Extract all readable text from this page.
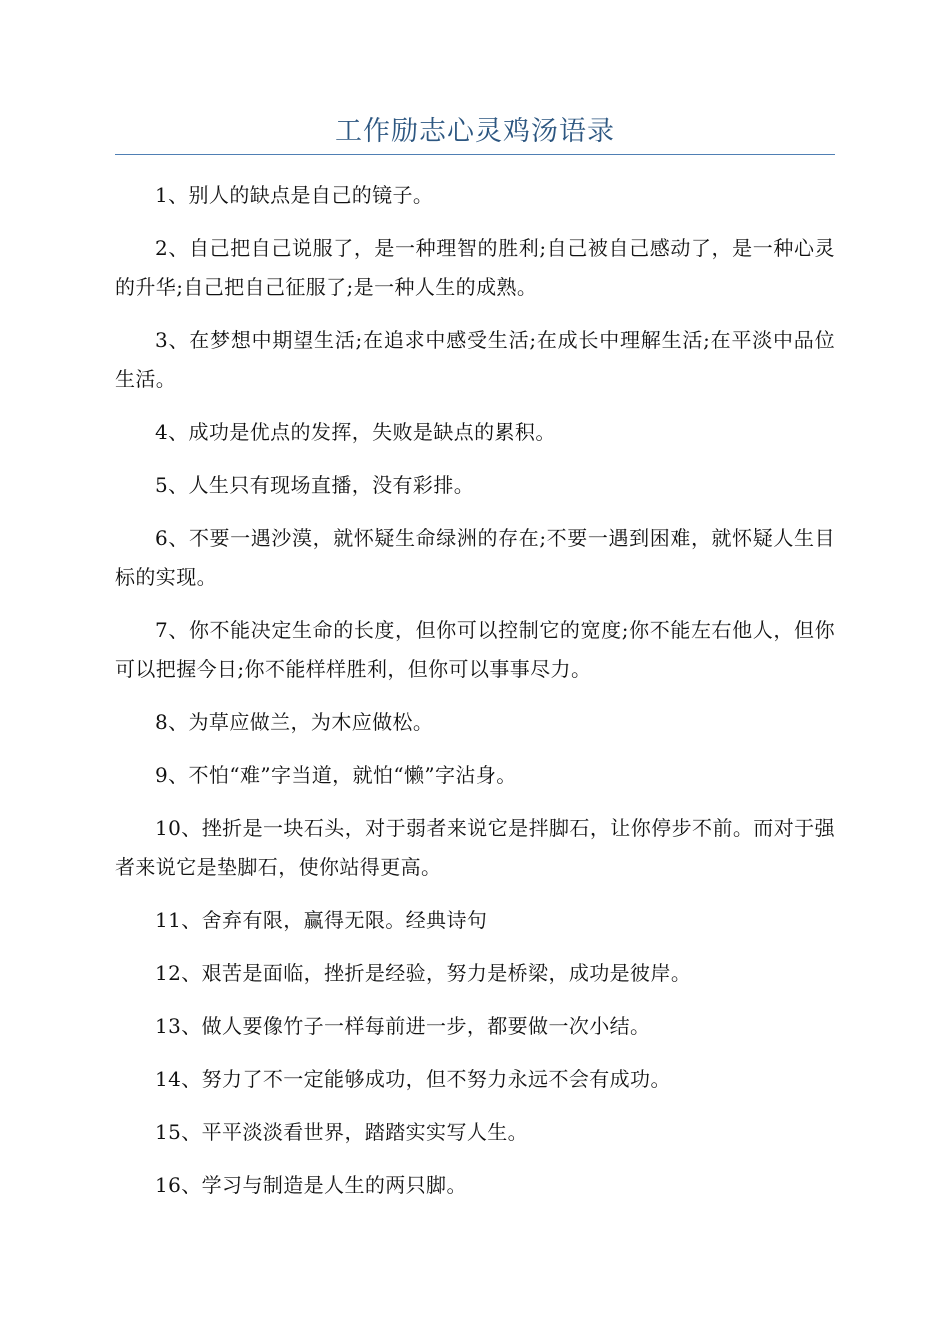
工作励志心灵鸡汤语录

1、别人的缺点是自己的镜子。

2、自己把自己说服了，是一种理智的胜利;自己被自己感动了，是一种心灵的升华;自己把自己征服了;是一种人生的成熟。

3、在梦想中期望生活;在追求中感受生活;在成长中理解生活;在平淡中品位生活。

4、成功是优点的发挥，失败是缺点的累积。

5、人生只有现场直播，没有彩排。

6、不要一遇沙漠，就怀疑生命绿洲的存在;不要一遇到困难，就怀疑人生目标的实现。

7、你不能决定生命的长度，但你可以控制它的宽度;你不能左右他人，但你可以把握今日;你不能样样胜利，但你可以事事尽力。

8、为草应做兰，为木应做松。

9、不怕“难”字当道，就怕“懒”字沾身。

10、挫折是一块石头，对于弱者来说它是拌脚石，让你停步不前。而对于强者来说它是垫脚石，使你站得更高。

11、舍弃有限，赢得无限。经典诗句

12、艰苦是面临，挫折是经验，努力是桥梁，成功是彼岸。

13、做人要像竹子一样每前进一步，都要做一次小结。

14、努力了不一定能够成功，但不努力永远不会有成功。

15、平平淡淡看世界，踏踏实实写人生。

16、学习与制造是人生的两只脚。
